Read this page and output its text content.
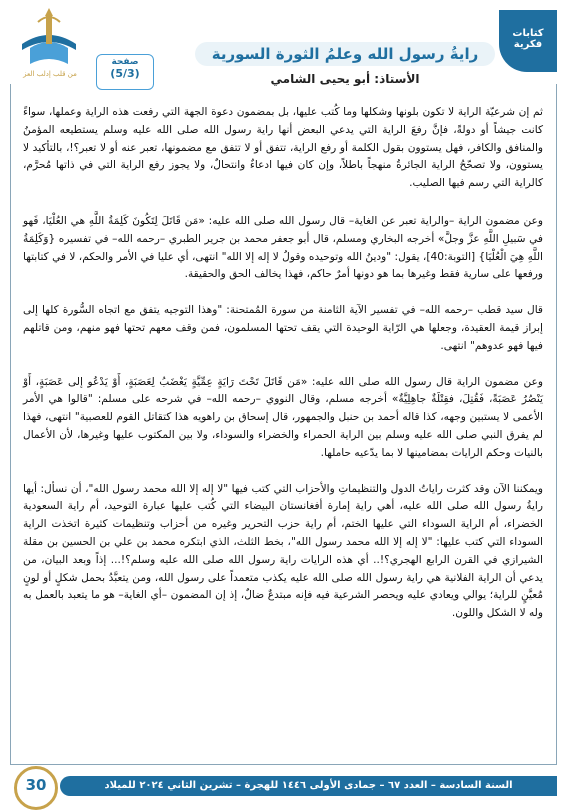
كتابات
فكرية
رايةُ رسول الله وعلمُ الثورة السورية
الأستاذ: أبو يحيى الشامي
صفحة
(5/3)
من قلب إدلب العز

ثم إن شرعيّة الراية لا تكون بلونها وشكلها وما كُتب عليها، بل بمضمون دعوة الجهة التي رفعت هذه الراية وعملها، سواءً كانت جيشاً أو دولةً، فإنَّ رفعَ الراية التي يدعي البعض أنها راية رسول الله صلى الله عليه وسلم يستطيعه المؤمنُ والمنافق والكافر، فهل يستوون بقول الكلمة أو رفع الراية، تتفق أو لا تتفق مع مضمونها، تعبر عنه أو لا تعبر؟!، بالتأكيد لا يستوون، ولا تصحّحُ الراية الجائرةُ منهجاً باطلاً، وإن كان فيها ادعاءٌ وانتحالٌ، ولا يجوز رفع الراية التي في ذاتها مُحرَّم، كالراية التي رسم فيها الصليب.

وعن مضمون الراية –والراية تعبر عن الغاية– قال رسول الله صلى الله عليه: «مَن قَاتَلَ لِتَكُونَ كَلِمَةُ اللَّهِ هي العُلْيَا، فَهو في سَبيلِ اللَّهِ عزَّ وجلَّ» أخرجه البخاري ومسلم، قال أبو جعفر محمد بن جرير الطبري –رحمه الله– في تفسيره {وَكَلِمَةُ اللَّهِ هِيَ الْعُلْيَا} [التوبة:40]، يقول: "ودينُ الله وتوحيده وقولُ لا إله إلا الله" انتهى، أي عليا في الأمر والحكم، لا في كتابتها ورفعها على سارية فقط وغيرها بما هو دونها أمرٌ حاكم، فهذا يخالف الحق والحقيقة.

قال سيد قطب –رحمه الله– في تفسير الآية الثامنة من سورة المُمتحنة: "وهذا التوجيه يتفق مع اتجاه السُّورة كلها إلى إبراز قيمة العقيدة، وجعلها هي الرّاية الوحيدة التي يقف تحتها المسلمون، فمن وقف معهم تحتها فهو منهم، ومن قاتلهم فيها فهو عدوهم" انتهى.

وعن مضمون الراية قال رسول الله صلى الله عليه: «مَن قَاتَلَ تَحْتَ رَايَةٍ عِمِّيَّةٍ يَغْضَبُ لِعَصَبَةٍ، أَوْ يَدْعُو إلى عَصَبَةٍ، أَوْ يَنْصُرُ عَصَبَةً، فَقُتِلَ، فقِتْلَةٌ جاهِلِيَّةٌ» أخرجه مسلم، وقال النووي –رحمه الله– في شرحه على مسلم: "قالوا هي الأمر الأعمى لا يستبين وجهه، كذا قاله أحمد بن حنبل والجمهور، قال إسحاق بن راهويه هذا كتقاتل القوم للعصبية" انتهى، فهذا لم يفرق النبي صلى الله عليه وسلم بين الراية الحمراء والخضراء والسوداء، ولا بين المكتوب عليها وغيرها، لأن الأعمال بالنيات وحكم الرايات بمضامينها لا بما يدّعيه حاملها.

ويمكننا الآن وقد كثرت راياتُ الدول والتنظيماتِ والأحزاب التي كتب فيها "لا إله إلا الله محمد رسول الله"، أن نسأل: أيها رايةُ رسول الله صلى الله عليه، أهي راية إمارة أفغانستان البيضاء التي كُتب عليها عبارة التوحيد، أم راية السعودية الخضراء، أم الراية السوداء التي عليها الختم، أم راية حزب التحرير وغيره من أحزاب وتنظيمات كثيرة اتخذت الراية السوداء التي كتب عليها: "لا إله إلا الله محمد رسول الله"، بخط الثلث، الذي ابتكره محمد بن علي بن الحسين بن مقلة الشيرازي في القرن الرابع الهجري؟!.. أي هذه الرايات راية رسول الله صلى الله عليه وسلم؟!... إذاً وبعد البيان، من يدعي أن الراية الفلانية هي راية رسول الله صلى الله عليه يكذب متعمداً على رسول الله، ومن يتعبَّدُ بحمل شكلٍ أو لونٍ مُعيَّنٍ للراية؛ يوالي ويعادي عليه ويحصر الشرعية فيه فإنه مبتدعٌ ضالٌ، إذ إن المضمون –أي الغاية– هو ما يتعبد بالعمل به وله لا الشكل واللون.

السنة السادسة – العدد ٦٧ – جمادى الأولى ١٤٤٦ للهجرة – تشرين الثاني ٢٠٢٤ للميلاد
30
